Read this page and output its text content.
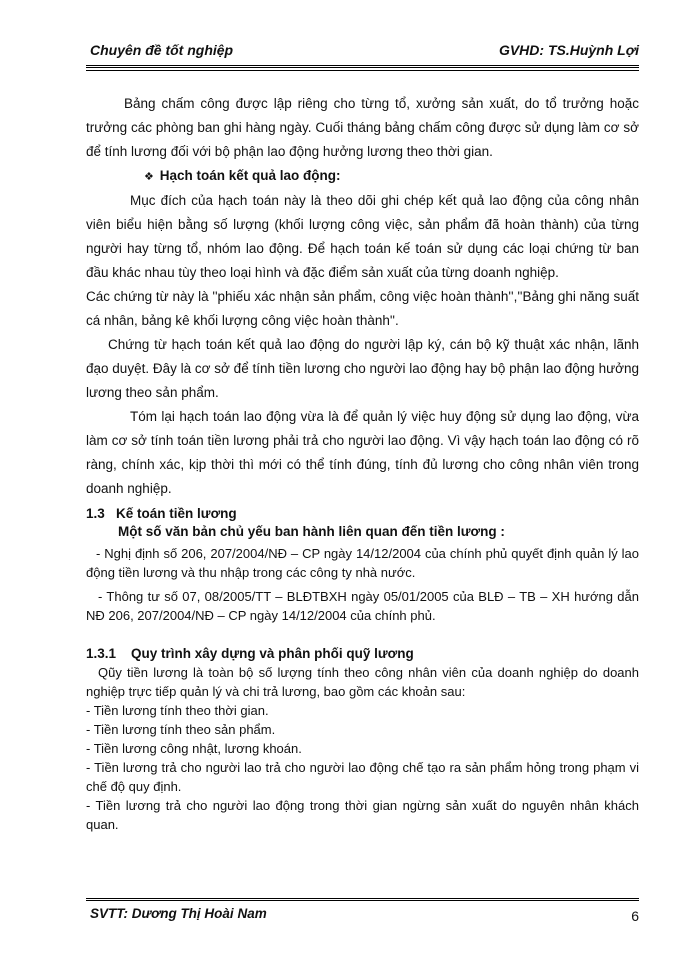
Chuyên đề tốt nghiệp	GVHD: TS.Huỳnh Lợi

Bảng chấm công được lập riêng cho từng tổ, xưởng sản xuất, do tổ trưởng hoặc trưởng các phòng ban ghi hàng ngày. Cuối tháng bảng chấm công được sử dụng làm cơ sở để tính lương đối với bộ phận lao động hưởng lương theo thời gian.

❖ Hạch toán kết quả lao động:

Mục đích của hạch toán này là theo dõi ghi chép kết quả lao động của công nhân viên biểu hiện bằng số lượng (khối lượng công việc, sản phẩm đã hoàn thành) của từng người hay từng tổ, nhóm lao động. Để hạch toán kế toán sử dụng các loại chứng từ ban đầu khác nhau tùy theo loại hình và đặc điểm sản xuất của từng doanh nghiệp.

Các chứng từ này là ''phiếu xác nhận sản phẩm, công việc hoàn thành'',''Bảng ghi năng suất cá nhân, bảng kê khối lượng công việc hoàn thành''.

Chứng từ hạch toán kết quả lao động do người lập ký, cán bộ kỹ thuật xác nhận, lãnh đạo duyệt. Đây là cơ sở để tính tiền lương cho người lao động hay bộ phận lao động hưởng lương theo sản phẩm.

Tóm lại hạch toán lao động vừa là để quản lý việc huy động sử dụng lao động, vừa làm cơ sở tính toán tiền lương phải trả cho người lao động. Vì vậy hạch toán lao động có rõ ràng, chính xác, kịp thời thì mới có thể tính đúng, tính đủ lương cho công nhân viên trong doanh nghiệp.

1.3 Kế toán tiền lương

Một số văn bản chủ yếu ban hành liên quan đến tiền lương :

- Nghị định số 206, 207/2004/NĐ – CP ngày 14/12/2004 của chính phủ quyết định quản lý lao động tiền lương và thu nhập trong các công ty nhà nước.

- Thông tư số 07, 08/2005/TT – BLĐTBXH ngày 05/01/2005 của BLĐ – TB – XH hướng dẫn NĐ 206, 207/2004/NĐ – CP ngày 14/12/2004 của chính phủ.

1.3.1 Quy trình xây dựng và phân phối quỹ lương

Qũy tiền lương là toàn bộ số lượng tính theo công nhân viên của doanh nghiệp do doanh nghiệp trực tiếp quản lý và chi trả lương, bao gồm các khoản sau:

- Tiền lương tính theo thời gian.

- Tiền lương tính theo sản phẩm.

- Tiền lương công nhật, lương khoán.

- Tiền lương trả cho người lao trả cho người lao động chế tạo ra sản phẩm hỏng trong phạm vi chế độ quy định.

- Tiền lương trả cho người lao động trong thời gian ngừng sản xuất do nguyên nhân khách quan.

SVTT: Dương Thị Hoài Nam	6
